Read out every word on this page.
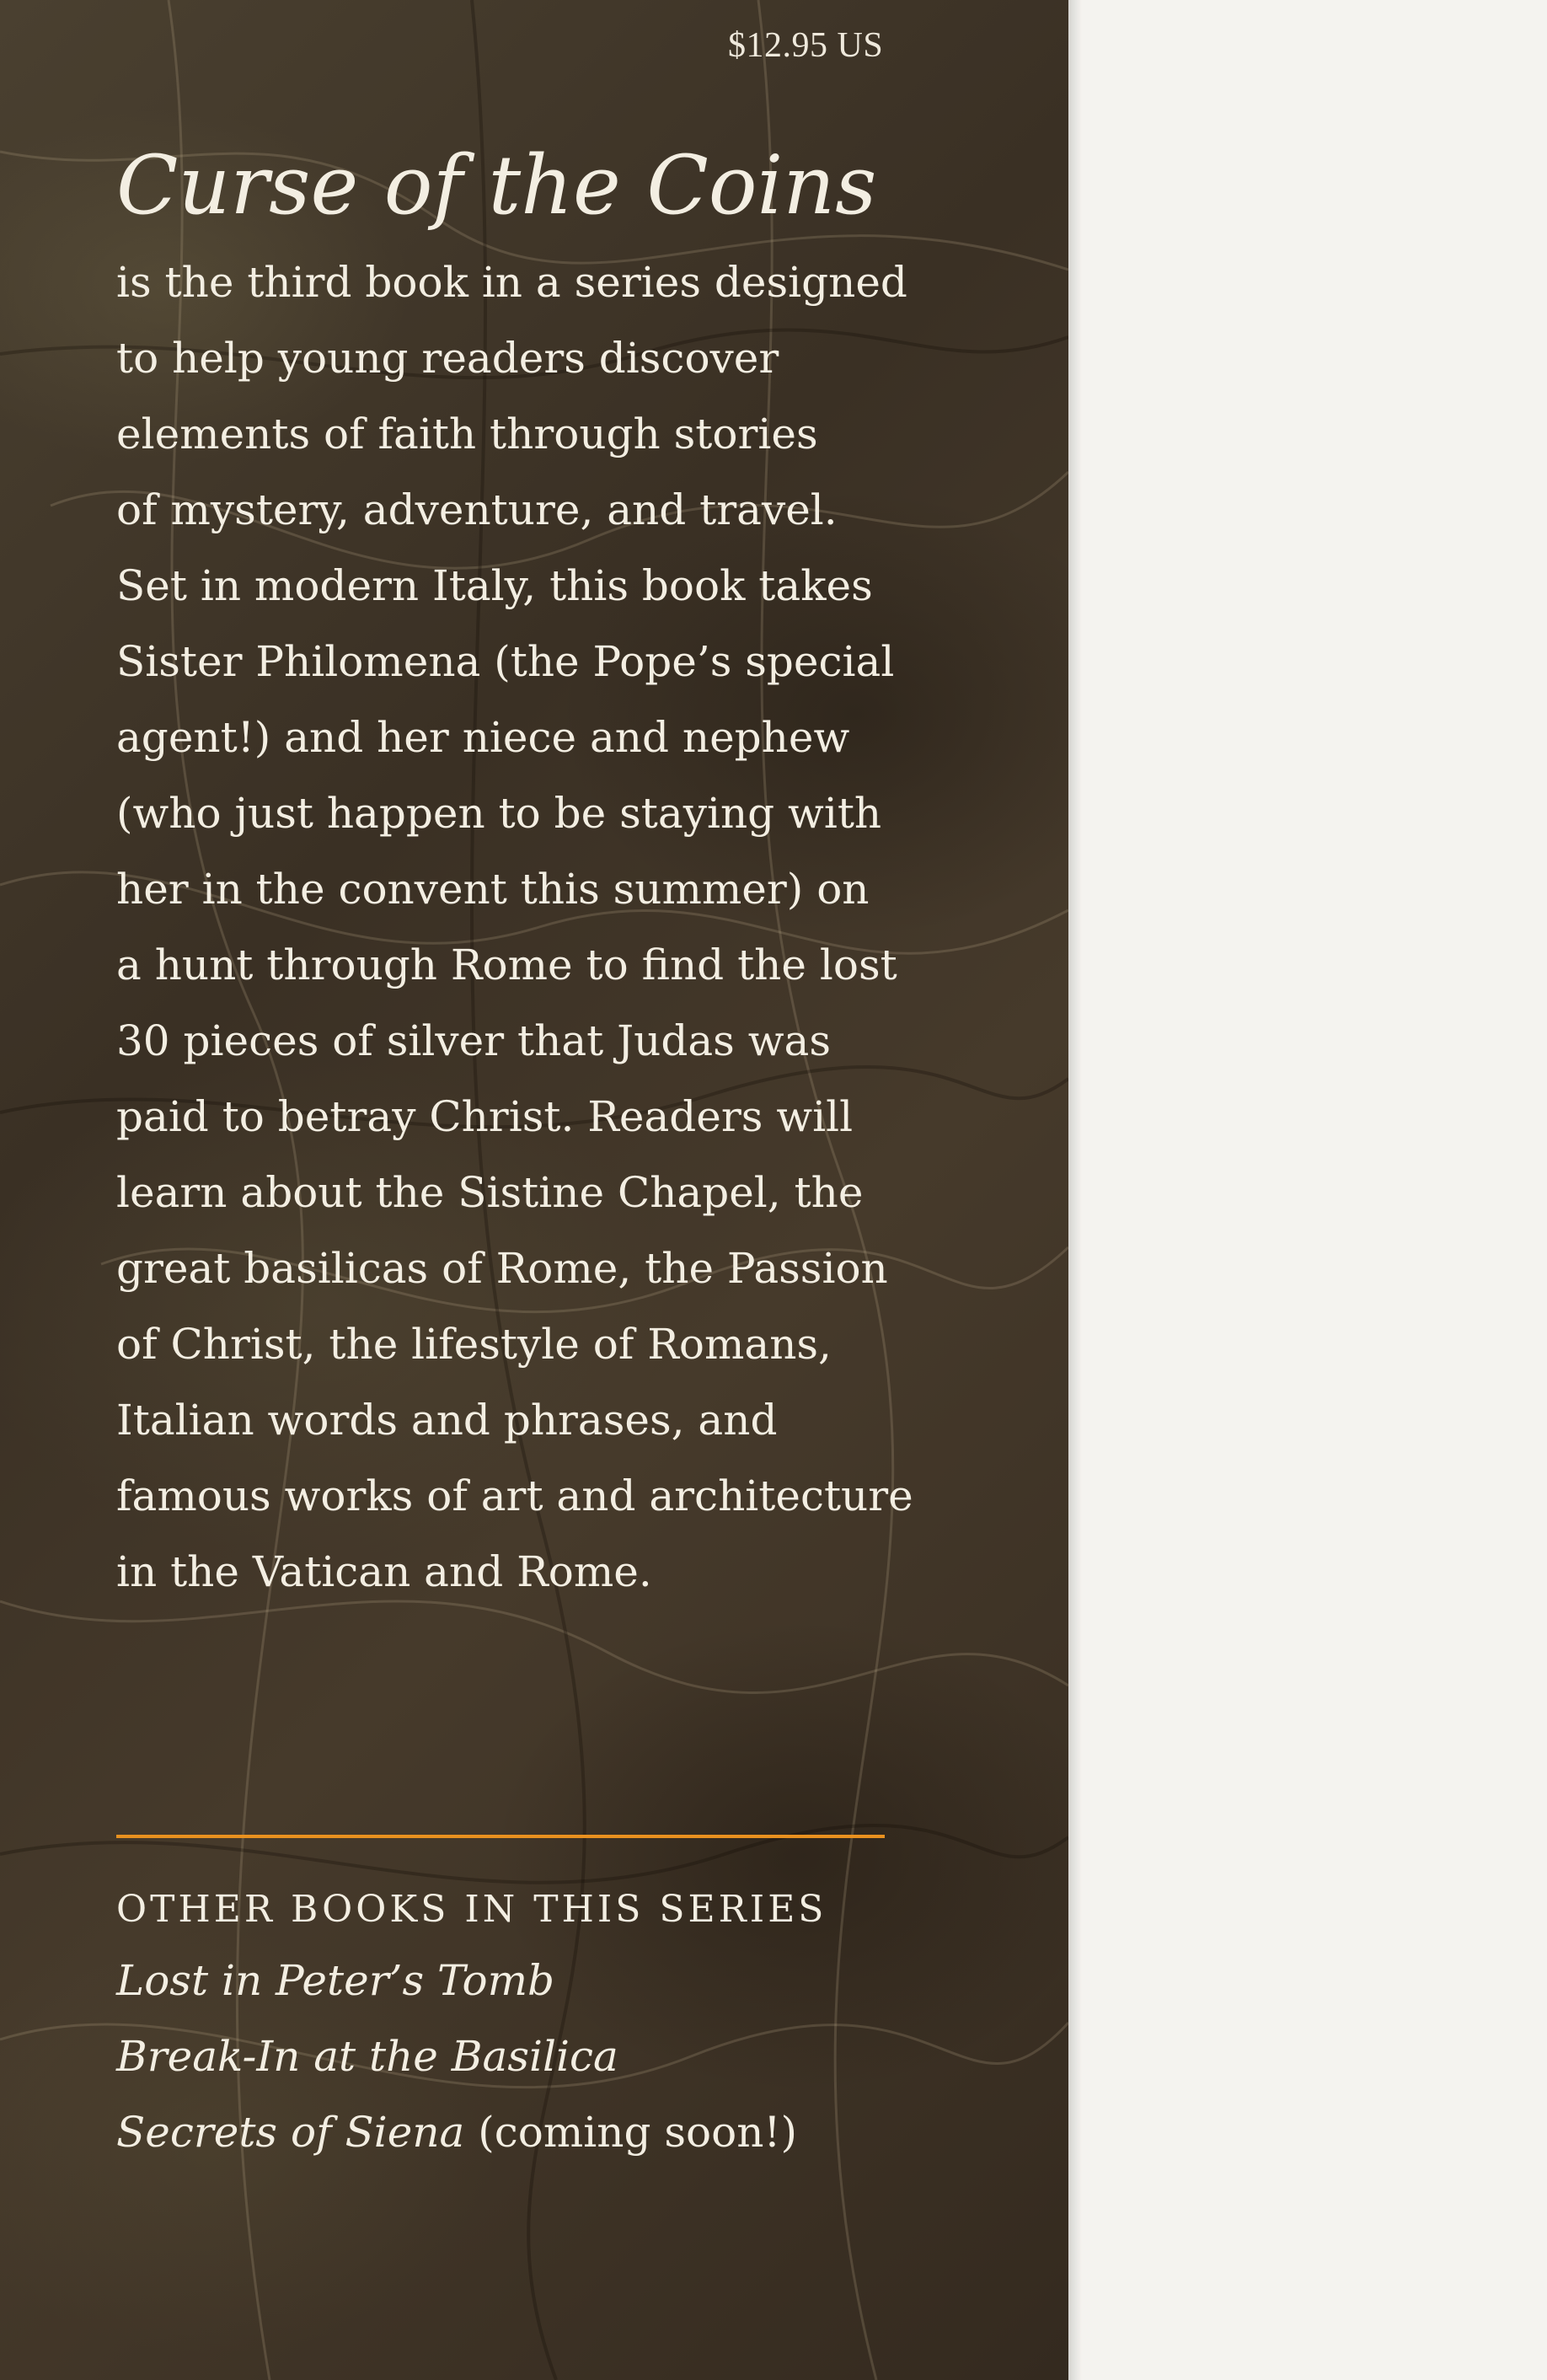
$12.95 US
Curse of the Coins
is the third book in a series designed
to help young readers discover
elements of faith through stories
of mystery, adventure, and travel.
Set in modern Italy, this book takes
Sister Philomena (the Pope’s special
agent!) and her niece and nephew
(who just happen to be staying with
her in the convent this summer) on
a hunt through Rome to find the lost
30 pieces of silver that Judas was
paid to betray Christ. Readers will
learn about the Sistine Chapel, the
great basilicas of Rome, the Passion
of Christ, the lifestyle of Romans,
Italian words and phrases, and
famous works of art and architecture
in the Vatican and Rome.
OTHER BOOKS IN THIS SERIES
Lost in Peter’s Tomb
Break-In at the Basilica
Secrets of Siena (coming soon!)
